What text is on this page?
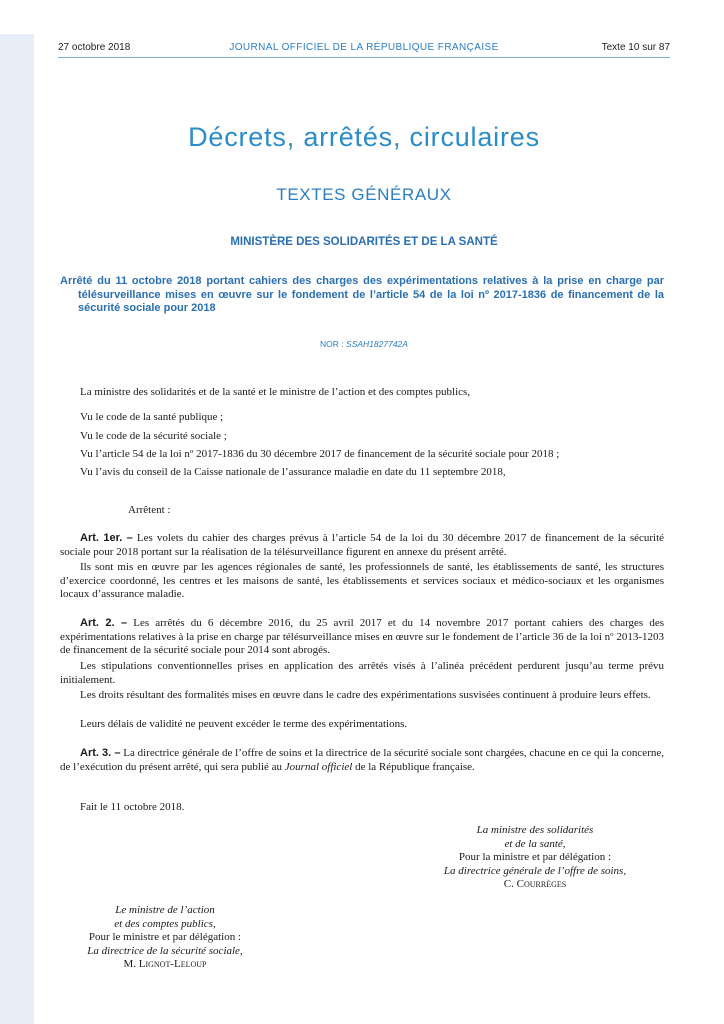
27 octobre 2018	JOURNAL OFFICIEL DE LA RÉPUBLIQUE FRANÇAISE	Texte 10 sur 87
Décrets, arrêtés, circulaires
TEXTES GÉNÉRAUX
MINISTÈRE DES SOLIDARITÉS ET DE LA SANTÉ
Arrêté du 11 octobre 2018 portant cahiers des charges des expérimentations relatives à la prise en charge par télésurveillance mises en œuvre sur le fondement de l’article 54 de la loi nº 2017-1836 de financement de la sécurité sociale pour 2018
NOR : SSAH1827742A
La ministre des solidarités et de la santé et le ministre de l’action et des comptes publics,
Vu le code de la santé publique ;
Vu le code de la sécurité sociale ;
Vu l’article 54 de la loi nº 2017-1836 du 30 décembre 2017 de financement de la sécurité sociale pour 2018 ;
Vu l’avis du conseil de la Caisse nationale de l’assurance maladie en date du 11 septembre 2018,
Arrêtent :
Art. 1er. – Les volets du cahier des charges prévus à l’article 54 de la loi du 30 décembre 2017 de financement de la sécurité sociale pour 2018 portant sur la réalisation de la télésurveillance figurent en annexe du présent arrêté.
Ils sont mis en œuvre par les agences régionales de santé, les professionnels de santé, les établissements de santé, les structures d’exercice coordonné, les centres et les maisons de santé, les établissements et services sociaux et médico-sociaux et les organismes locaux d’assurance maladie.
Art. 2. – Les arrêtés du 6 décembre 2016, du 25 avril 2017 et du 14 novembre 2017 portant cahiers des charges des expérimentations relatives à la prise en charge par télésurveillance mises en œuvre sur le fondement de l’article 36 de la loi nº 2013-1203 de financement de la sécurité sociale pour 2014 sont abrogés.
Les stipulations conventionnelles prises en application des arrêtés visés à l’alinéa précédent perdurent jusqu’au terme prévu initialement.
Les droits résultant des formalités mises en œuvre dans le cadre des expérimentations susvisées continuent à produire leurs effets.
Leurs délais de validité ne peuvent excéder le terme des expérimentations.
Art. 3. – La directrice générale de l’offre de soins et la directrice de la sécurité sociale sont chargées, chacune en ce qui la concerne, de l’exécution du présent arrêté, qui sera publié au Journal officiel de la République française.
Fait le 11 octobre 2018.
La ministre des solidarités
et de la santé,
Pour la ministre et par délégation :
La directrice générale de l’offre de soins,
C. Courrèges
Le ministre de l’action
et des comptes publics,
Pour le ministre et par délégation :
La directrice de la sécurité sociale,
M. Lignot-Leloup
